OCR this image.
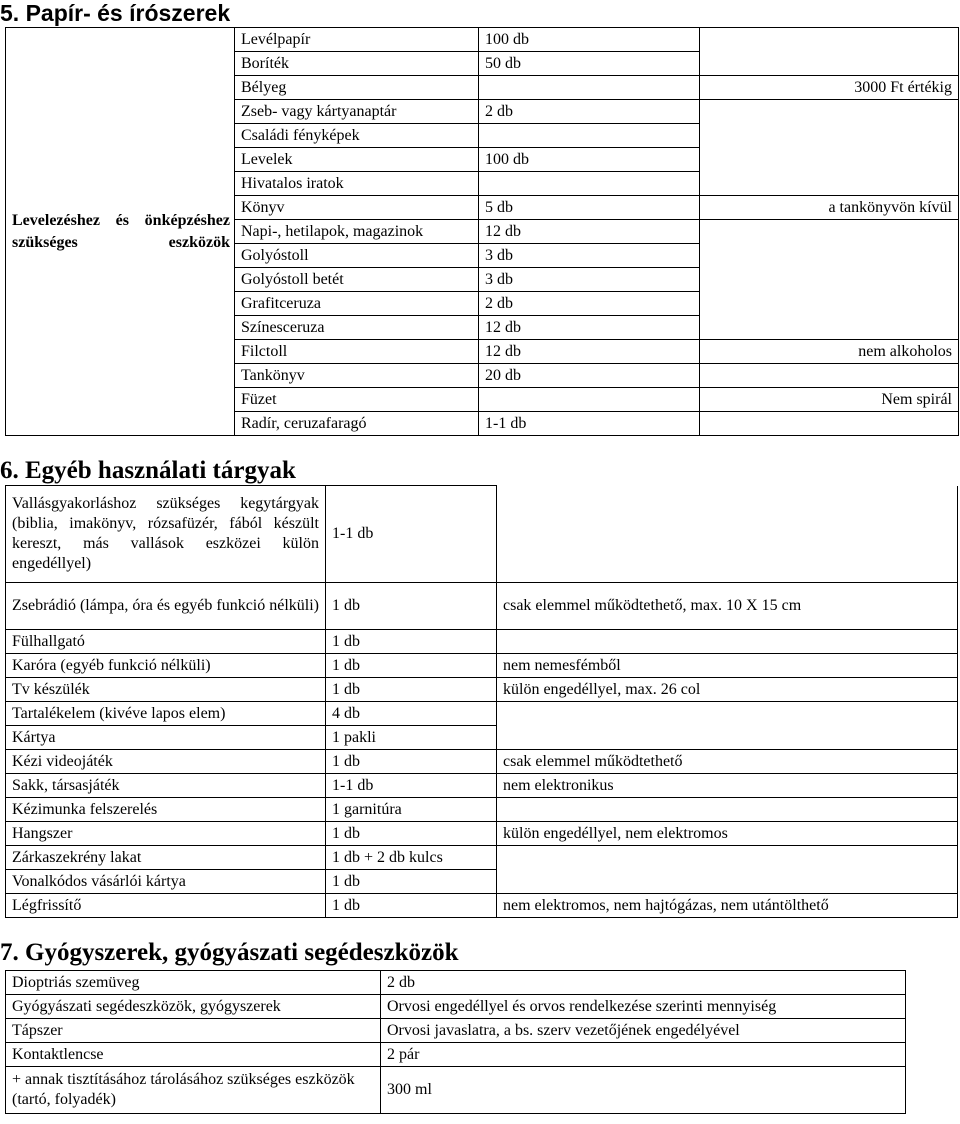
5. Papír- és írószerek
Levelezéshez és önképzéshez szükséges eszközök	Levélpapír	100 db	
	Boríték	50 db	
	Bélyeg		3000 Ft értékig
	Zseb- vagy kártyanaptár	2 db	
	Családi fényképek		
	Levelek	100 db	
	Hivatalos iratok		
	Könyv	5 db	a tankönyvön kívül
	Napi-, hetilapok, magazinok	12 db	
	Golyóstoll	3 db	
	Golyóstoll betét	3 db	
	Grafitceruza	2 db	
	Színesceruza	12 db	
	Filctoll	12 db	nem alkoholos
	Tankönyv	20 db	
	Füzet		Nem spirál
	Radír, ceruzafaragó	1-1 db	
6. Egyéb használati tárgyak
Vallásgyakorláshoz szükséges kegytárgyak (biblia, imakönyv, rózsafüzér, fából készült kereszt, más vallások eszközei külön engedéllyel)	1-1 db	
Zsebrádió (lámpa, óra és egyéb funkció nélküli)	1 db	csak elemmel működtethető, max. 10 X 15 cm
Fülhallgató	1 db	
Karóra (egyéb funkció nélküli)	1 db	nem nemesfémből
Tv készülék	1 db	külön engedéllyel, max. 26 col
Tartalékelem (kivéve lapos elem)	4 db	
Kártya	1 pakli	
Kézi videojáték	1 db	csak elemmel működtethető
Sakk, társasjáték	1-1 db	nem elektronikus
Kézimunka felszerelés	1 garnitúra	
Hangszer	1 db	külön engedéllyel, nem elektromos
Zárkaszekrény lakat	1 db + 2 db kulcs	
Vonalkódos vásárlói kártya	1 db	
Légfrissítő	1 db	nem elektromos, nem hajtógázas, nem utántölthető
7. Gyógyszerek, gyógyászati segédeszközök
Dioptriás szemüveg	2 db
Gyógyászati segédeszközök, gyógyszerek	Orvosi engedéllyel és orvos rendelkezése szerinti mennyiség
Tápszer	Orvosi javaslatra, a bs. szerv vezetőjének engedélyével
Kontaktlencse	2 pár
+ annak tisztításához tárolásához szükséges eszközök (tartó, folyadék)	300 ml
